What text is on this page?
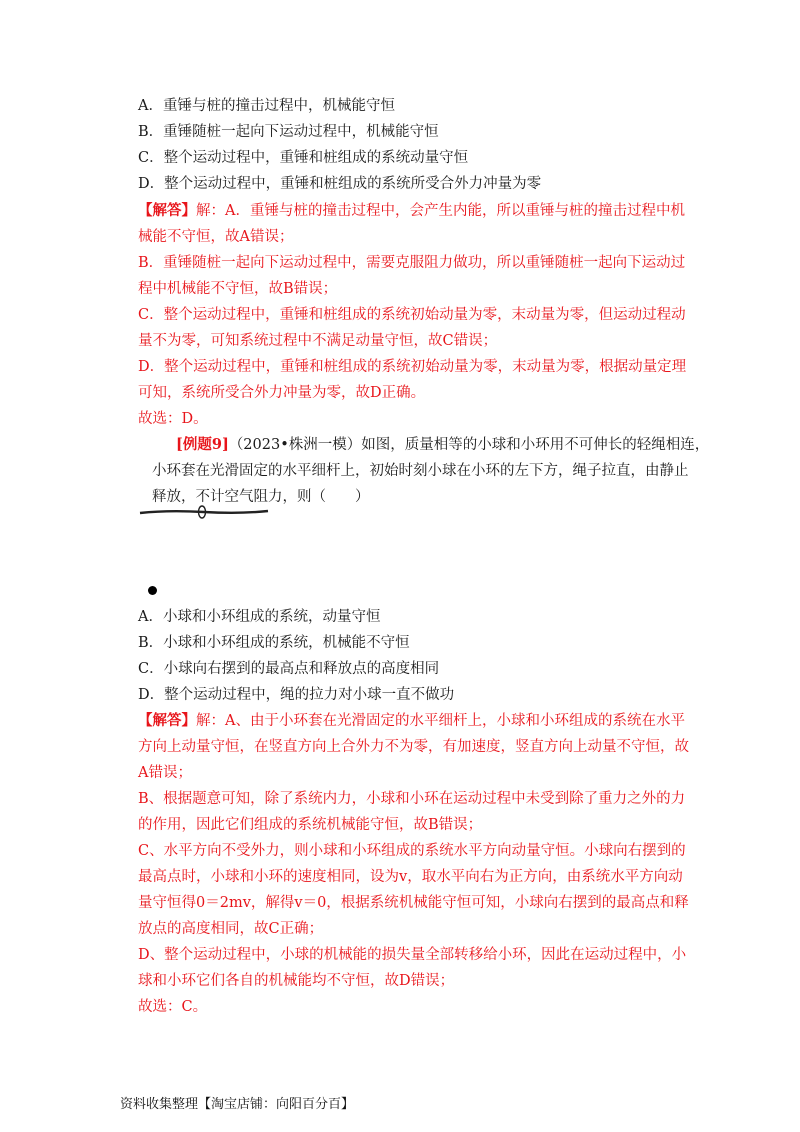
A．重锤与桩的撞击过程中，机械能守恒
B．重锤随桩一起向下运动过程中，机械能守恒
C．整个运动过程中，重锤和桩组成的系统动量守恒
D．整个运动过程中，重锤和桩组成的系统所受合外力冲量为零
【解答】解：A．重锤与桩的撞击过程中，会产生内能，所以重锤与桩的撞击过程中机
械能不守恒，故A错误；
B．重锤随桩一起向下运动过程中，需要克服阻力做功，所以重锤随桩一起向下运动过
程中机械能不守恒，故B错误；
C．整个运动过程中，重锤和桩组成的系统初始动量为零，末动量为零，但运动过程动
量不为零，可知系统过程中不满足动量守恒，故C错误；
D．整个运动过程中，重锤和桩组成的系统初始动量为零，末动量为零，根据动量定理
可知，系统所受合外力冲量为零，故D正确。
故选：D。
[例题9]（2023•株洲一模）如图，质量相等的小球和小环用不可伸长的轻绳相连，
小环套在光滑固定的水平细杆上，初始时刻小球在小环的左下方，绳子拉直，由静止
释放，不计空气阻力，则（　　）
A．小球和小环组成的系统，动量守恒
B．小球和小环组成的系统，机械能不守恒
C．小球向右摆到的最高点和释放点的高度相同
D．整个运动过程中，绳的拉力对小球一直不做功
【解答】解：A、由于小环套在光滑固定的水平细杆上，小球和小环组成的系统在水平
方向上动量守恒，在竖直方向上合外力不为零，有加速度，竖直方向上动量不守恒，故
A错误；
B、根据题意可知，除了系统内力，小球和小环在运动过程中未受到除了重力之外的力
的作用，因此它们组成的系统机械能守恒，故B错误；
C、水平方向不受外力，则小球和小环组成的系统水平方向动量守恒。小球向右摆到的
最高点时，小球和小环的速度相同，设为v，取水平向右为正方向，由系统水平方向动
量守恒得0＝2mv，解得v＝0，根据系统机械能守恒可知，小球向右摆到的最高点和释
放点的高度相同，故C正确；
D、整个运动过程中，小球的机械能的损失量全部转移给小环，因此在运动过程中，小
球和小环它们各自的机械能均不守恒，故D错误；
故选：C。
资料收集整理【淘宝店铺：向阳百分百】
